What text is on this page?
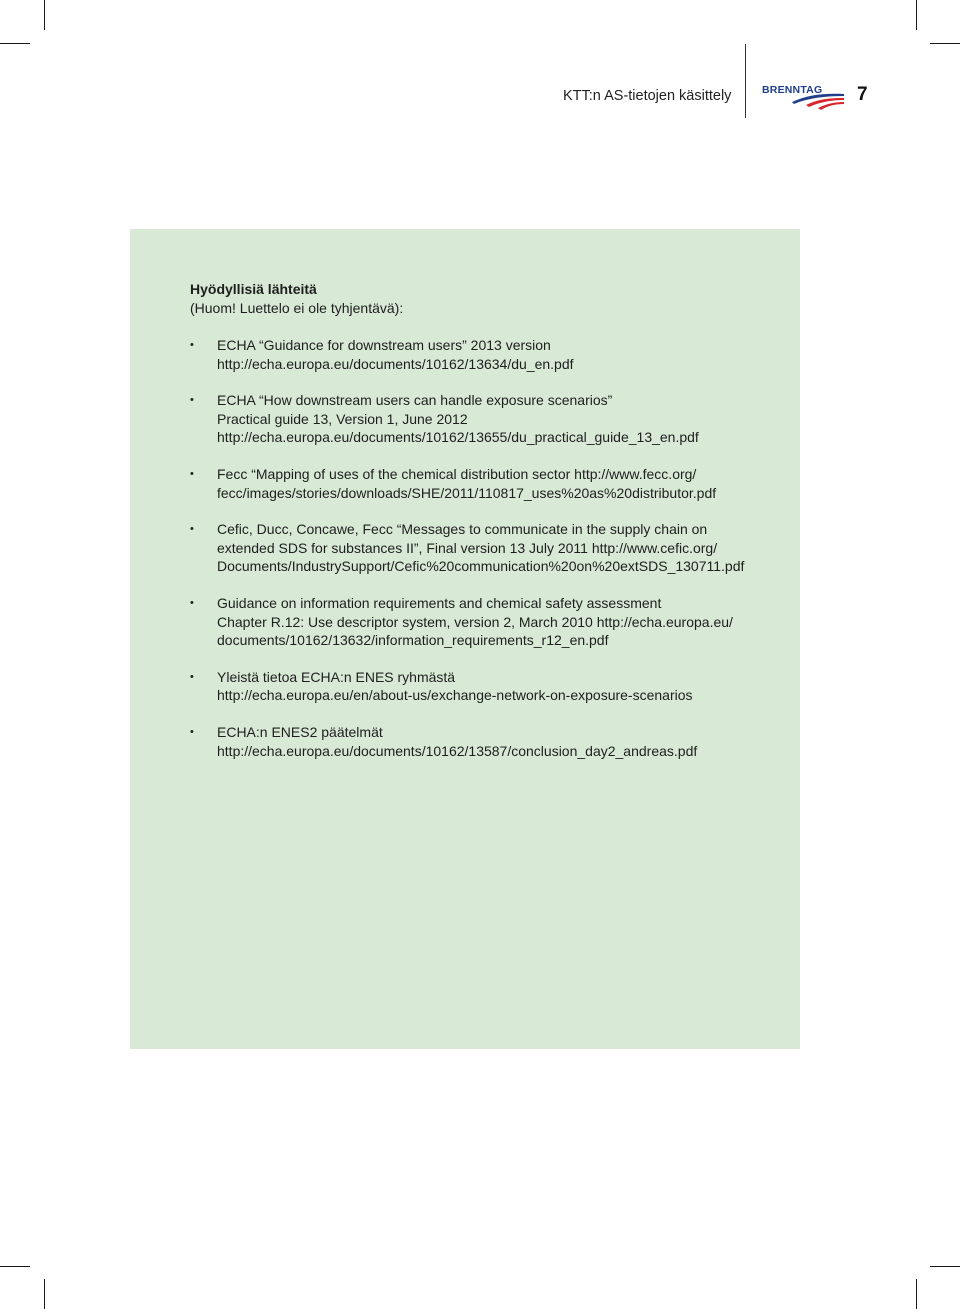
KTT:n AS-tietojen käsittely	BRENNTAG 7
Hyödyllisiä lähteitä
(Huom! Luettelo ei ole tyhjentävä):
• ECHA “Guidance for downstream users” 2013 version
http://echa.europa.eu/documents/10162/13634/du_en.pdf
• ECHA “How downstream users can handle exposure scenarios”
Practical guide 13, Version 1, June 2012
http://echa.europa.eu/documents/10162/13655/du_practical_guide_13_en.pdf
• Fecc “Mapping of uses of the chemical distribution sector http://www.fecc.org/
fecc/images/stories/downloads/SHE/2011/110817_uses%20as%20distributor.pdf
• Cefic, Ducc, Concawe, Fecc “Messages to communicate in the supply chain on
extended SDS for substances II”, Final version 13 July 2011 http://www.cefic.org/
Documents/IndustrySupport/Cefic%20communication%20on%20extSDS_130711.pdf
• Guidance on information requirements and chemical safety assessment
Chapter R.12: Use descriptor system, version 2, March 2010 http://echa.europa.eu/
documents/10162/13632/information_requirements_r12_en.pdf
• Yleistä tietoa ECHA:n ENES ryhmästä
http://echa.europa.eu/en/about-us/exchange-network-on-exposure-scenarios
• ECHA:n ENES2 päätelmät
http://echa.europa.eu/documents/10162/13587/conclusion_day2_andreas.pdf
